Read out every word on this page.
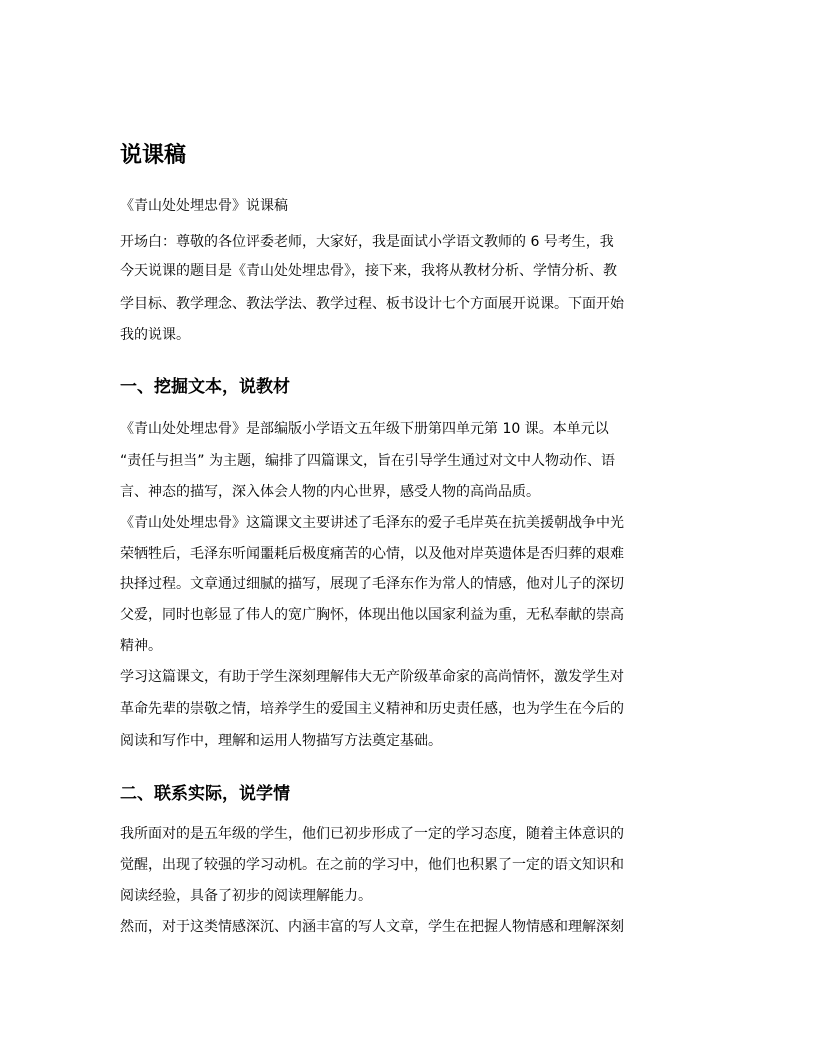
说课稿

《青山处处埋忠骨》说课稿

开场白：尊敬的各位评委老师，大家好，我是面试小学语文教师的 6 号考生，我

今天说课的题目是《青山处处埋忠骨》，接下来，我将从教材分析、学情分析、教

学目标、教学理念、教法学法、教学过程、板书设计七个方面展开说课。下面开始

我的说课。

一、挖掘文本，说教材

《青山处处埋忠骨》是部编版小学语文五年级下册第四单元第 10 课。本单元以

“责任与担当” 为主题，编排了四篇课文，旨在引导学生通过对文中人物动作、语

言、神态的描写，深入体会人物的内心世界，感受人物的高尚品质。

《青山处处埋忠骨》这篇课文主要讲述了毛泽东的爱子毛岸英在抗美援朝战争中光

荣牺牲后，毛泽东听闻噩耗后极度痛苦的心情，以及他对岸英遗体是否归葬的艰难

抉择过程。文章通过细腻的描写，展现了毛泽东作为常人的情感，他对儿子的深切

父爱，同时也彰显了伟人的宽广胸怀，体现出他以国家利益为重，无私奉献的崇高

精神。

学习这篇课文，有助于学生深刻理解伟大无产阶级革命家的高尚情怀，激发学生对

革命先辈的崇敬之情，培养学生的爱国主义精神和历史责任感，也为学生在今后的

阅读和写作中，理解和运用人物描写方法奠定基础。

二、联系实际，说学情

我所面对的是五年级的学生，他们已初步形成了一定的学习态度，随着主体意识的

觉醒，出现了较强的学习动机。在之前的学习中，他们也积累了一定的语文知识和

阅读经验，具备了初步的阅读理解能力。

然而，对于这类情感深沉、内涵丰富的写人文章，学生在把握人物情感和理解深刻
